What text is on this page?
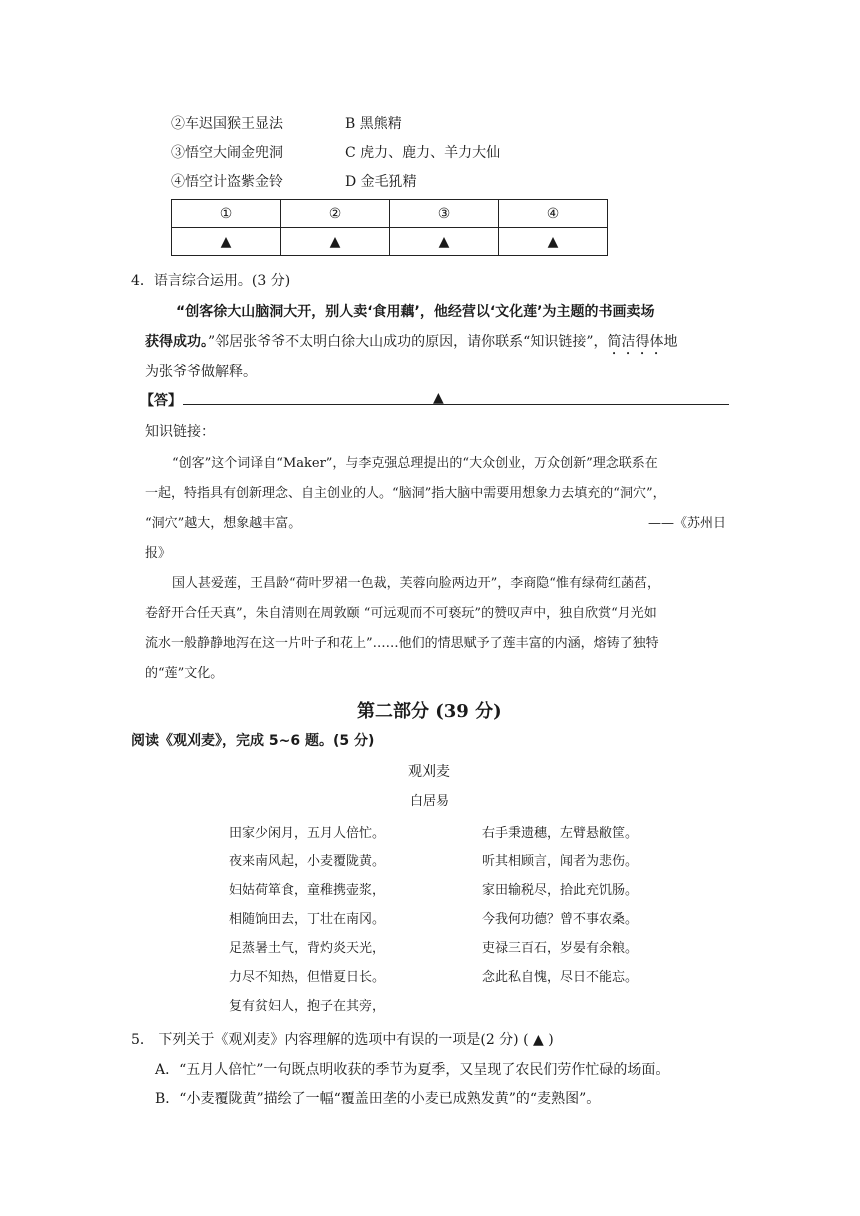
②车迟国猴王显法	B 黑熊精
③悟空大闹金兜洞	C 虎力、鹿力、羊力大仙
④悟空计盗紫金铃	D 金毛犼精
①	②	③	④
▲	▲	▲	▲
4．语言综合运用。(3 分)
“创客徐大山脑洞大开，别人卖‘食用藕’，他经营以‘文化莲’为主题的书画卖场
获得成功。”邻居张爷爷不太明白徐大山成功的原因，请你联系“知识链接”，简洁得体地
为张爷爷做解释。
【答】	▲
知识链接：
“创客”这个词译自“Maker”，与李克强总理提出的“大众创业，万众创新”理念联系在
一起，特指具有创新理念、自主创业的人。“脑洞”指大脑中需要用想象力去填充的“洞穴”，
“洞穴”越大，想象越丰富。	——《苏州日
报》
国人甚爱莲，王昌龄“荷叶罗裙一色裁，芙蓉向脸两边开”，李商隐“惟有绿荷红菡萏，
卷舒开合任天真”，朱自清则在周敦颐 “可远观而不可亵玩”的赞叹声中，独自欣赏“月光如
流水一般静静地泻在这一片叶子和花上”……他们的情思赋予了莲丰富的内涵，熔铸了独特
的“莲”文化。
第二部分 (39 分)
阅读《观刈麦》，完成 5~6 题。(5 分)
观刈麦
白居易
田家少闲月，五月人倍忙。
夜来南风起，小麦覆陇黄。
妇姑荷箪食，童稚携壶浆，
相随饷田去，丁壮在南冈。
足蒸暑土气，背灼炎天光，
力尽不知热，但惜夏日长。
复有贫妇人，抱子在其旁，
右手秉遗穗，左臂悬敝筐。
听其相顾言，闻者为悲伤。
家田输税尽，拾此充饥肠。
今我何功德？曾不事农桑。
吏禄三百石，岁晏有余粮。
念此私自愧，尽日不能忘。
5． 下列关于《观刈麦》内容理解的选项中有误的一项是(2 分) ( ▲ )
A．“五月人倍忙”一句既点明收获的季节为夏季，又呈现了农民们劳作忙碌的场面。
B．“小麦覆陇黄”描绘了一幅“覆盖田垄的小麦已成熟发黄”的“麦熟图”。
